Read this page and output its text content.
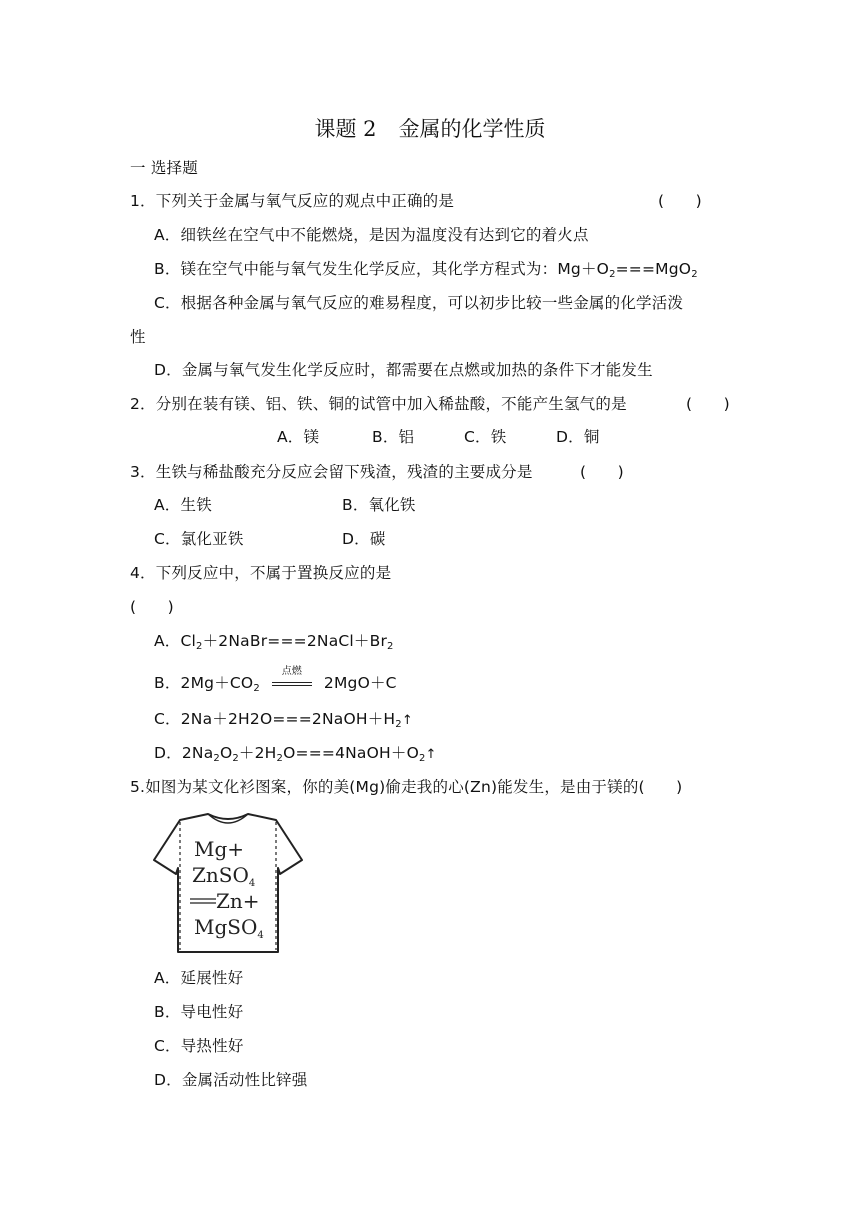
课题 2 金属的化学性质
一 选择题
1．下列关于金属与氧气反应的观点中正确的是	(　　)
A．细铁丝在空气中不能燃烧，是因为温度没有达到它的着火点
B．镁在空气中能与氧气发生化学反应，其化学方程式为：$Mg+O_2===MgO_2$
C．根据各种金属与氧气反应的难易程度，可以初步比较一些金属的化学活泼
性
D．金属与氧气发生化学反应时，都需要在点燃或加热的条件下才能发生
2．分别在装有镁、铝、铁、铜的试管中加入稀盐酸，不能产生氢气的是	(　　)
A．镁	B．铝	C．铁	D．铜
3．生铁与稀盐酸充分反应会留下残渣，残渣的主要成分是	(　　)
A．生铁	B．氧化铁
C．氯化亚铁	D．碳
4．下列反应中，不属于置换反应的是
(　　)
A．$Cl_2+2NaBr===2NaCl+Br_2$
B．$2Mg+CO_2$
点燃
2MgO＋C
C．$2Na+2H2O===2NaOH+H_2↑$
D．$2Na_2O_2+2H_2O===4NaOH+O_2↑$
5.如图为某文化衫图案，你的美(Mg)偷走我的心(Zn)能发生，是由于镁的(　　)
Mg+
ZnSO$_4$
Zn+
MgSO$_4$
A．延展性好
B．导电性好
C．导热性好
D．金属活动性比锌强
